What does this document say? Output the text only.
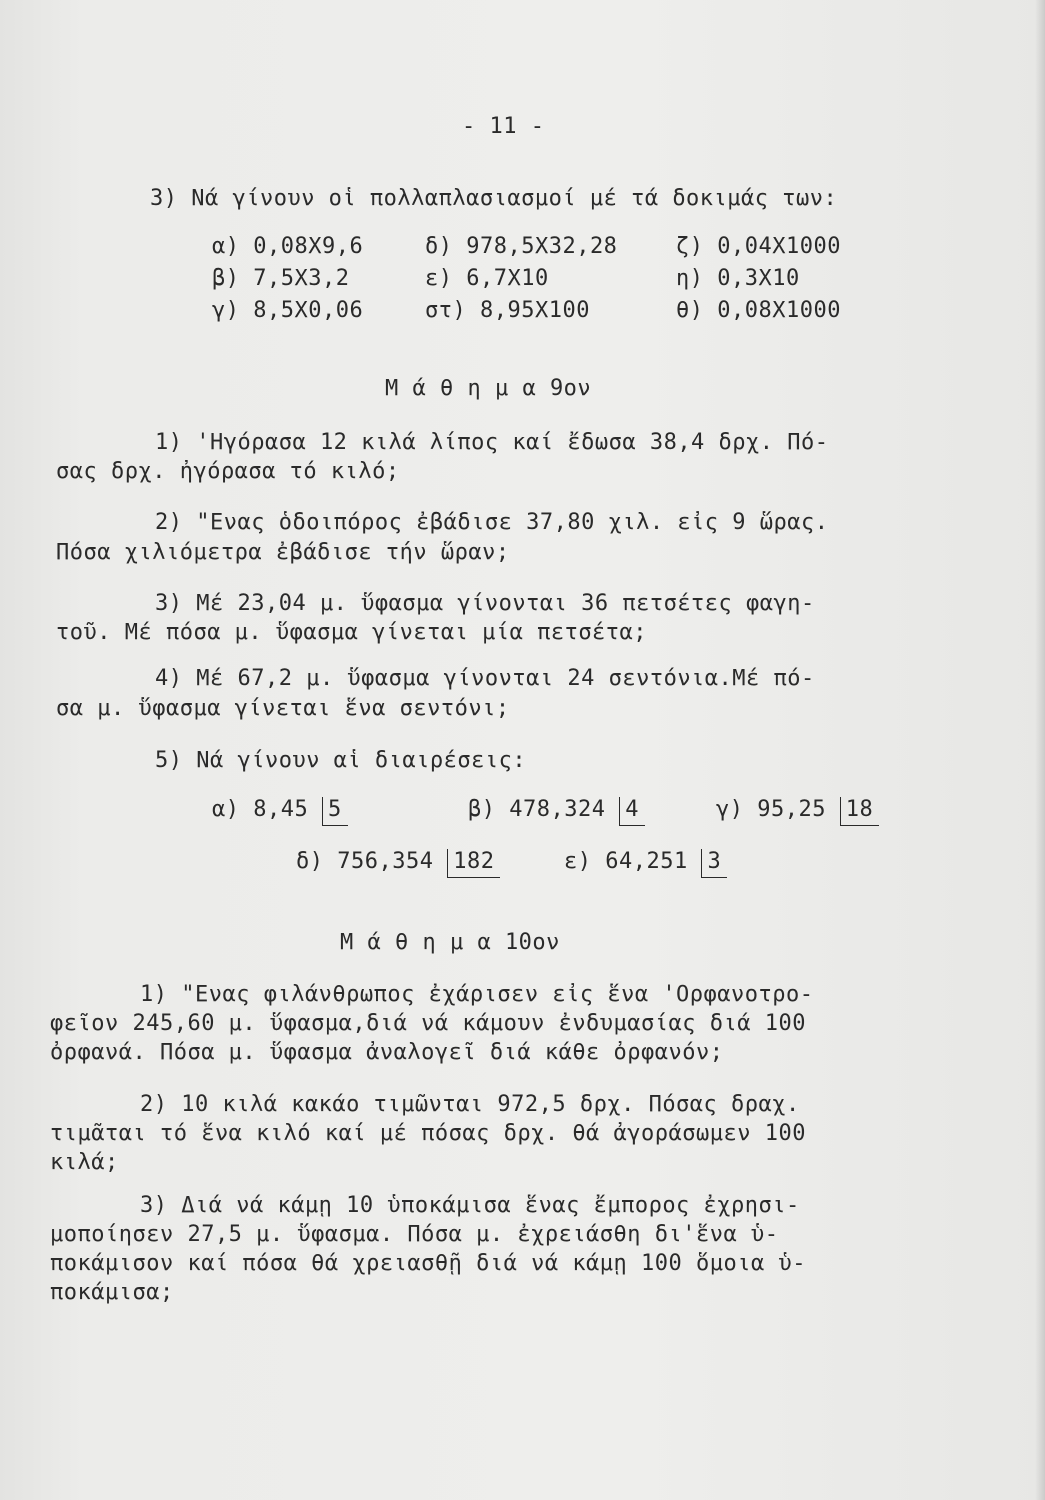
- 11 -
3) Νά γίνουν οἱ πολλαπλασιασμοί μέ τά δοκιμάς των:
α) 0,08Χ9,6	δ) 978,5Χ32,28	ζ) 0,04Χ1000
β) 7,5Χ3,2	ε) 6,7Χ10	η) 0,3Χ10
γ) 8,5Χ0,06	στ) 8,95Χ100	θ) 0,08Χ1000
Μ ά θ η μ α 9ον
1) 'Ηγόρασα 12 κιλά λίπος καί ἔδωσα 38,4 δρχ. Πό-
σας δρχ. ἠγόρασα τό κιλό;
2) "Ενας ὁδοιπόρος ἐβάδισε 37,80 χιλ. εἰς 9 ὥρας.
Πόσα χιλιόμετρα ἐβάδισε τήν ὥραν;
3) Μέ 23,04 μ. ὕφασμα γίνονται 36 πετσέτες φαγη-
τοῦ. Μέ πόσα μ. ὕφασμα γίνεται μία πετσέτα;
4) Μέ 67,2 μ. ὕφασμα γίνονται 24 σεντόνια.Μέ πό-
σα μ. ὕφασμα γίνεται ἕνα σεντόνι;
5) Νά γίνουν αἱ διαιρέσεις:
α) 8,45 5	β) 478,324 4	γ) 95,25 18
δ) 756,354 182	ε) 64,251 3
Μ ά θ η μ α 10ον
1) "Ενας φιλάνθρωπος ἐχάρισεν εἰς ἕνα 'Ορφανοτρο-
φεῖον 245,60 μ. ὕφασμα,διά νά κάμουν ἐνδυμασίας διά 100
ὀρφανά. Πόσα μ. ὕφασμα ἀναλογεῖ διά κάθε ὀρφανόν;
2) 10 κιλά κακάο τιμῶνται 972,5 δρχ. Πόσας δραχ.
τιμᾶται τό ἕνα κιλό καί μέ πόσας δρχ. θά ἀγοράσωμεν 100
κιλά;
3) Διά νά κάμῃ 10 ὑποκάμισα ἕνας ἔμπορος ἐχρησι-
μοποίησεν 27,5 μ. ὕφασμα. Πόσα μ. ἐχρειάσθη δι'ἕνα ὑ-
ποκάμισον καί πόσα θά χρειασθῇ διά νά κάμῃ 100 ὅμοια ὑ-
ποκάμισα;
